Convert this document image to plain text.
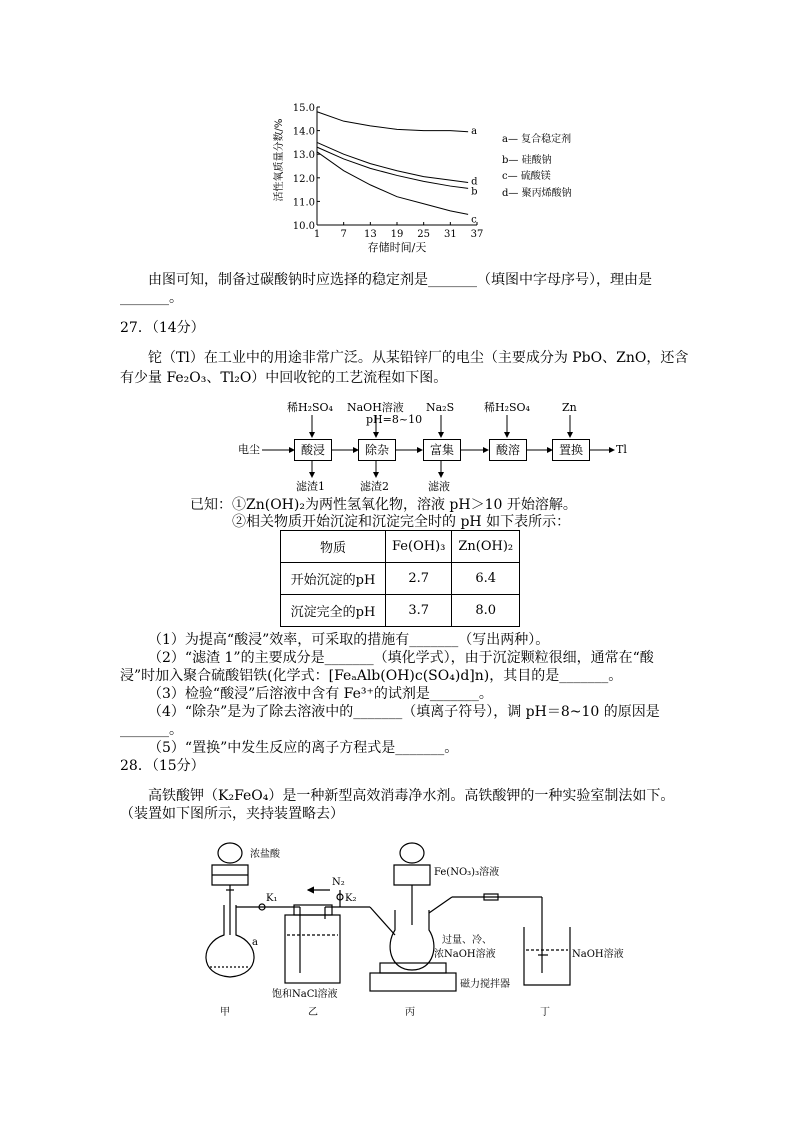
1 7 13 19 25 31 37
10.0
11.0
12.0
13.0
14.0
15.0
a
d
b
c
活性氧质量分数/%
存储时间/天
a— 复合稳定剂
b— 硅酸钠
c— 硫酸镁
d— 聚丙烯酸钠
由图可知，制备过碳酸钠时应选择的稳定剂是_______（填图中字母序号），理由是
_______。
27．（14分）
铊（Tl）在工业中的用途非常广泛。从某铅锌厂的电尘（主要成分为 PbO、ZnO，还含
有少量 Fe₂O₃、Tl₂O）中回收铊的工艺流程如下图。
电尘	Tl
酸浸	除杂	富集	酸溶	置换
稀H₂SO₄ NaOH溶液
pH=8~10
Na₂S	稀H₂SO₄	Zn
滤渣1	滤渣2	滤液
已知：①Zn(OH)₂为两性氢氧化物，溶液 pH＞10 开始溶解。
②相关物质开始沉淀和沉淀完全时的 pH 如下表所示：
物质	Fe(OH)₃	Zn(OH)₂
开始沉淀的pH	2.7	6.4
沉淀完全的pH	3.7	8.0
（1）为提高“酸浸”效率，可采取的措施有_______（写出两种）。
（2）“滤渣 1”的主要成分是_______（填化学式），由于沉淀颗粒很细，通常在“酸
浸”时加入聚合硫酸铝铁(化学式：[FeₐAlb(OH)c(SO₄)d]n)，其目的是_______。
（3）检验“酸浸”后溶液中含有 Fe³⁺的试剂是_______。
（4）“除杂”是为了除去溶液中的_______（填离子符号），调 pH＝8~10 的原因是
_______。
（5）“置换”中发生反应的离子方程式是_______。
28．（15分）
高铁酸钾（K₂FeO₄）是一种新型高效消毒净水剂。高铁酸钾的一种实验室制法如下。
（装置如下图所示，夹持装置略去）
浓盐酸
a
K₁
N₂
K₂
Fe(NO₃)₃溶液
过量、冷、
浓NaOH溶液
饱和NaCl溶液
磁力搅拌器
NaOH溶液
甲	乙	丙	丁
